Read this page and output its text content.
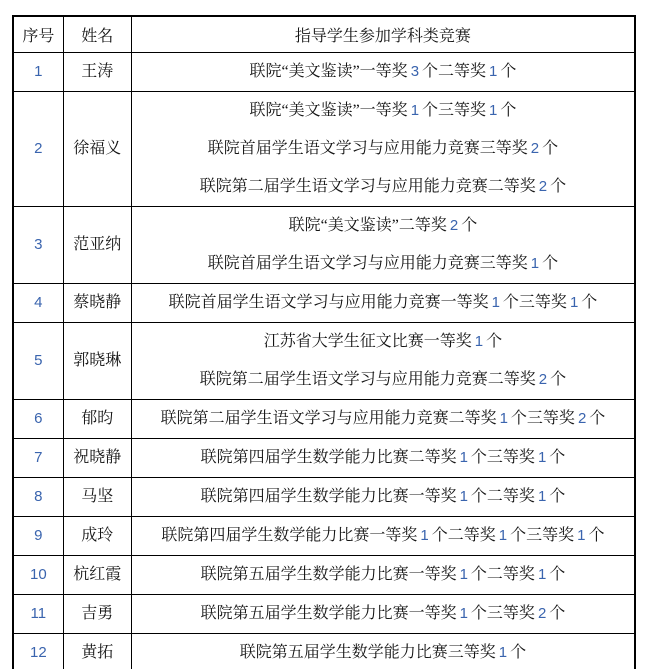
序号	姓名	指导学生参加学科类竞赛
1	王涛	联院“美文鉴读”一等奖 3 个二等奖 1 个

2	徐福义	联院“美文鉴读”一等奖 1 个三等奖 1 个
联院首届学生语文学习与应用能力竞赛三等奖 2 个
联院第二届学生语文学习与应用能力竞赛二等奖 2 个

3	范亚纳	联院“美文鉴读”二等奖 2 个
联院首届学生语文学习与应用能力竞赛三等奖 1 个

4	蔡晓静	联院首届学生语文学习与应用能力竞赛一等奖 1 个三等奖 1 个

5	郭晓琳	江苏省大学生征文比赛一等奖 1 个
联院第二届学生语文学习与应用能力竞赛二等奖 2 个

6	郁昀	联院第二届学生语文学习与应用能力竞赛二等奖 1 个三等奖 2 个

7	祝晓静	联院第四届学生数学能力比赛二等奖 1 个三等奖 1 个

8	马坚	联院第四届学生数学能力比赛一等奖 1 个二等奖 1 个

9	成玲	联院第四届学生数学能力比赛一等奖 1 个二等奖 1 个三等奖 1 个

10	杭红霞	联院第五届学生数学能力比赛一等奖 1 个二等奖 1 个

11	吉勇	联院第五届学生数学能力比赛一等奖 1 个三等奖 2 个

12	黄拓	联院第五届学生数学能力比赛三等奖 1 个
